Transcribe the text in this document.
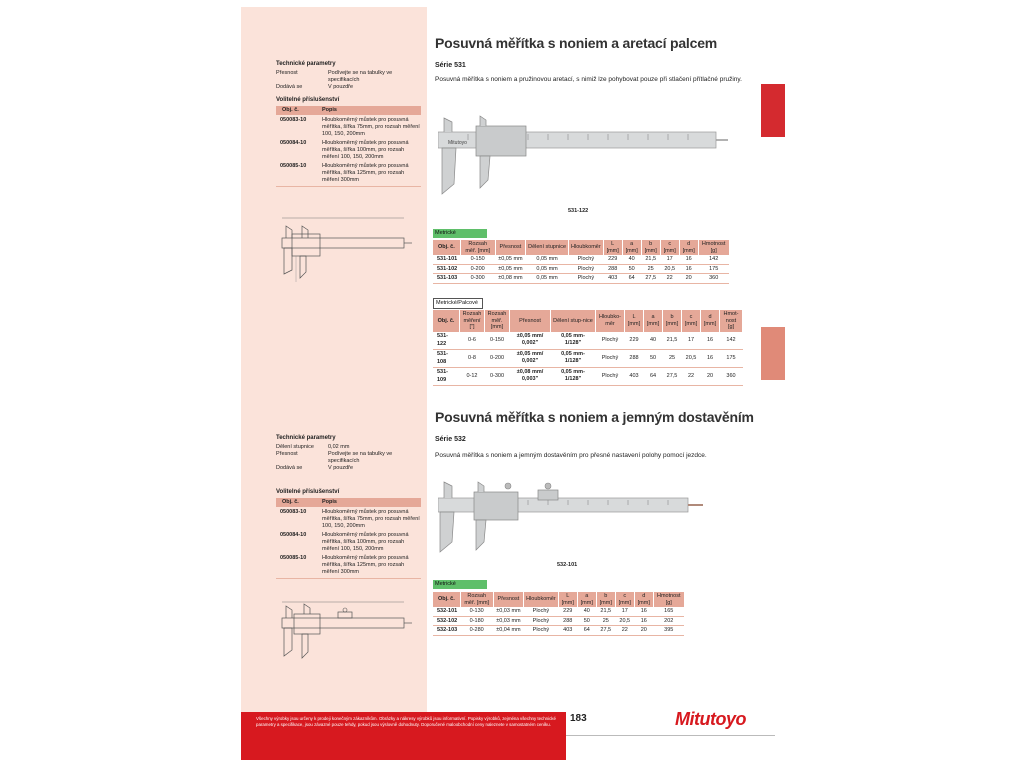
Technické parametry
Přesnost	Podívejte se na tabulky ve specifikacích
Dodává se	V pouzdře
Volitelné příslušenství
Obj. č.	Popis
050083-10	Hloubkoměrný můstek pro posuvná měřítka, šířka 75mm, pro rozsah měření 100, 150, 200mm
050084-10	Hloubkoměrný můstek pro posuvná měřítka, šířka 100mm, pro rozsah měření 100, 150, 200mm
050085-10	Hloubkoměrný můstek pro posuvná měřítka, šířka 125mm, pro rozsah měření 300mm
Posuvná měřítka s noniem a aretací palcem
Série 531
Posuvná měřítka s noniem a pružinovou aretací, s nimiž lze pohybovat pouze při stlačení přítlačné pružiny.
Mitutoyo
531-122
Metrické
Obj. č.	Rozsah měř. [mm]	Přesnost	Dělení stupnice	Hloubkoměr	L [mm]	a [mm]	b [mm]	c [mm]	d [mm]	Hmotnost [g]
531-101	0-150	±0,05 mm	0,05 mm	Plochý	229	40	21,5	17	16	142
531-102	0-200	±0,05 mm	0,05 mm	Plochý	288	50	25	20,5	16	175
531-103	0-300	±0,08 mm	0,05 mm	Plochý	403	64	27,5	22	20	360
Metrické/Palcové
Obj. č.	Rozsah měření ["]	Rozsah měř. [mm]	Přesnost	Dělení stup-nice	Hloubko-měr	L [mm]	a [mm]	b [mm]	c [mm]	d [mm]	Hmot-nost [g]
531-122	0-6	0-150	±0,05 mm/ 0,002"	0,05 mm- 1/128"	Plochý	229	40	21,5	17	16	142
531-108	0-8	0-200	±0,05 mm/ 0,002"	0,05 mm- 1/128"	Plochý	288	50	25	20,5	16	175
531-109	0-12	0-300	±0,08 mm/ 0,003"	0,05 mm- 1/128"	Plochý	403	64	27,5	22	20	360
Technické parametry
Dělení stupnice	0,02 mm
Přesnost	Podívejte se na tabulky ve specifikacích
Dodává se	V pouzdře
Volitelné příslušenství
Obj. č.	Popis
050083-10	Hloubkoměrný můstek pro posuvná měřítka, šířka 75mm, pro rozsah měření 100, 150, 200mm
050084-10	Hloubkoměrný můstek pro posuvná měřítka, šířka 100mm, pro rozsah měření 100, 150, 200mm
050085-10	Hloubkoměrný můstek pro posuvná měřítka, šířka 125mm, pro rozsah měření 300mm
Posuvná měřítka s noniem a jemným dostavěním
Série 532
Posuvná měřítka s noniem a jemným dostavěním pro přesné nastavení polohy pomocí jezdce.
532-101
Metrické
Obj. č.	Rozsah měř. [mm]	Přesnost	Hloubkoměr	L [mm]	a [mm]	b [mm]	c [mm]	d [mm]	Hmotnost [g]
532-101	0-130	±0,03 mm	Plochý	229	40	21,5	17	16	165
532-102	0-180	±0,03 mm	Plochý	288	50	25	20,5	16	202
532-103	0-280	±0,04 mm	Plochý	403	64	27,5	22	20	395
Všechny výrobky jsou určeny k prodeji konečným zákazníkům. Obrázky a nákresy výrobků jsou informativní. Popisky výrobků, zejména všechny technické parametry a specifikace, jsou závazné pouze tehdy, pokud jsou výslovně dohodnuty. Doporučené maloobchodní ceny naleznete v samostatném ceníku.	183	Mitutoyo
